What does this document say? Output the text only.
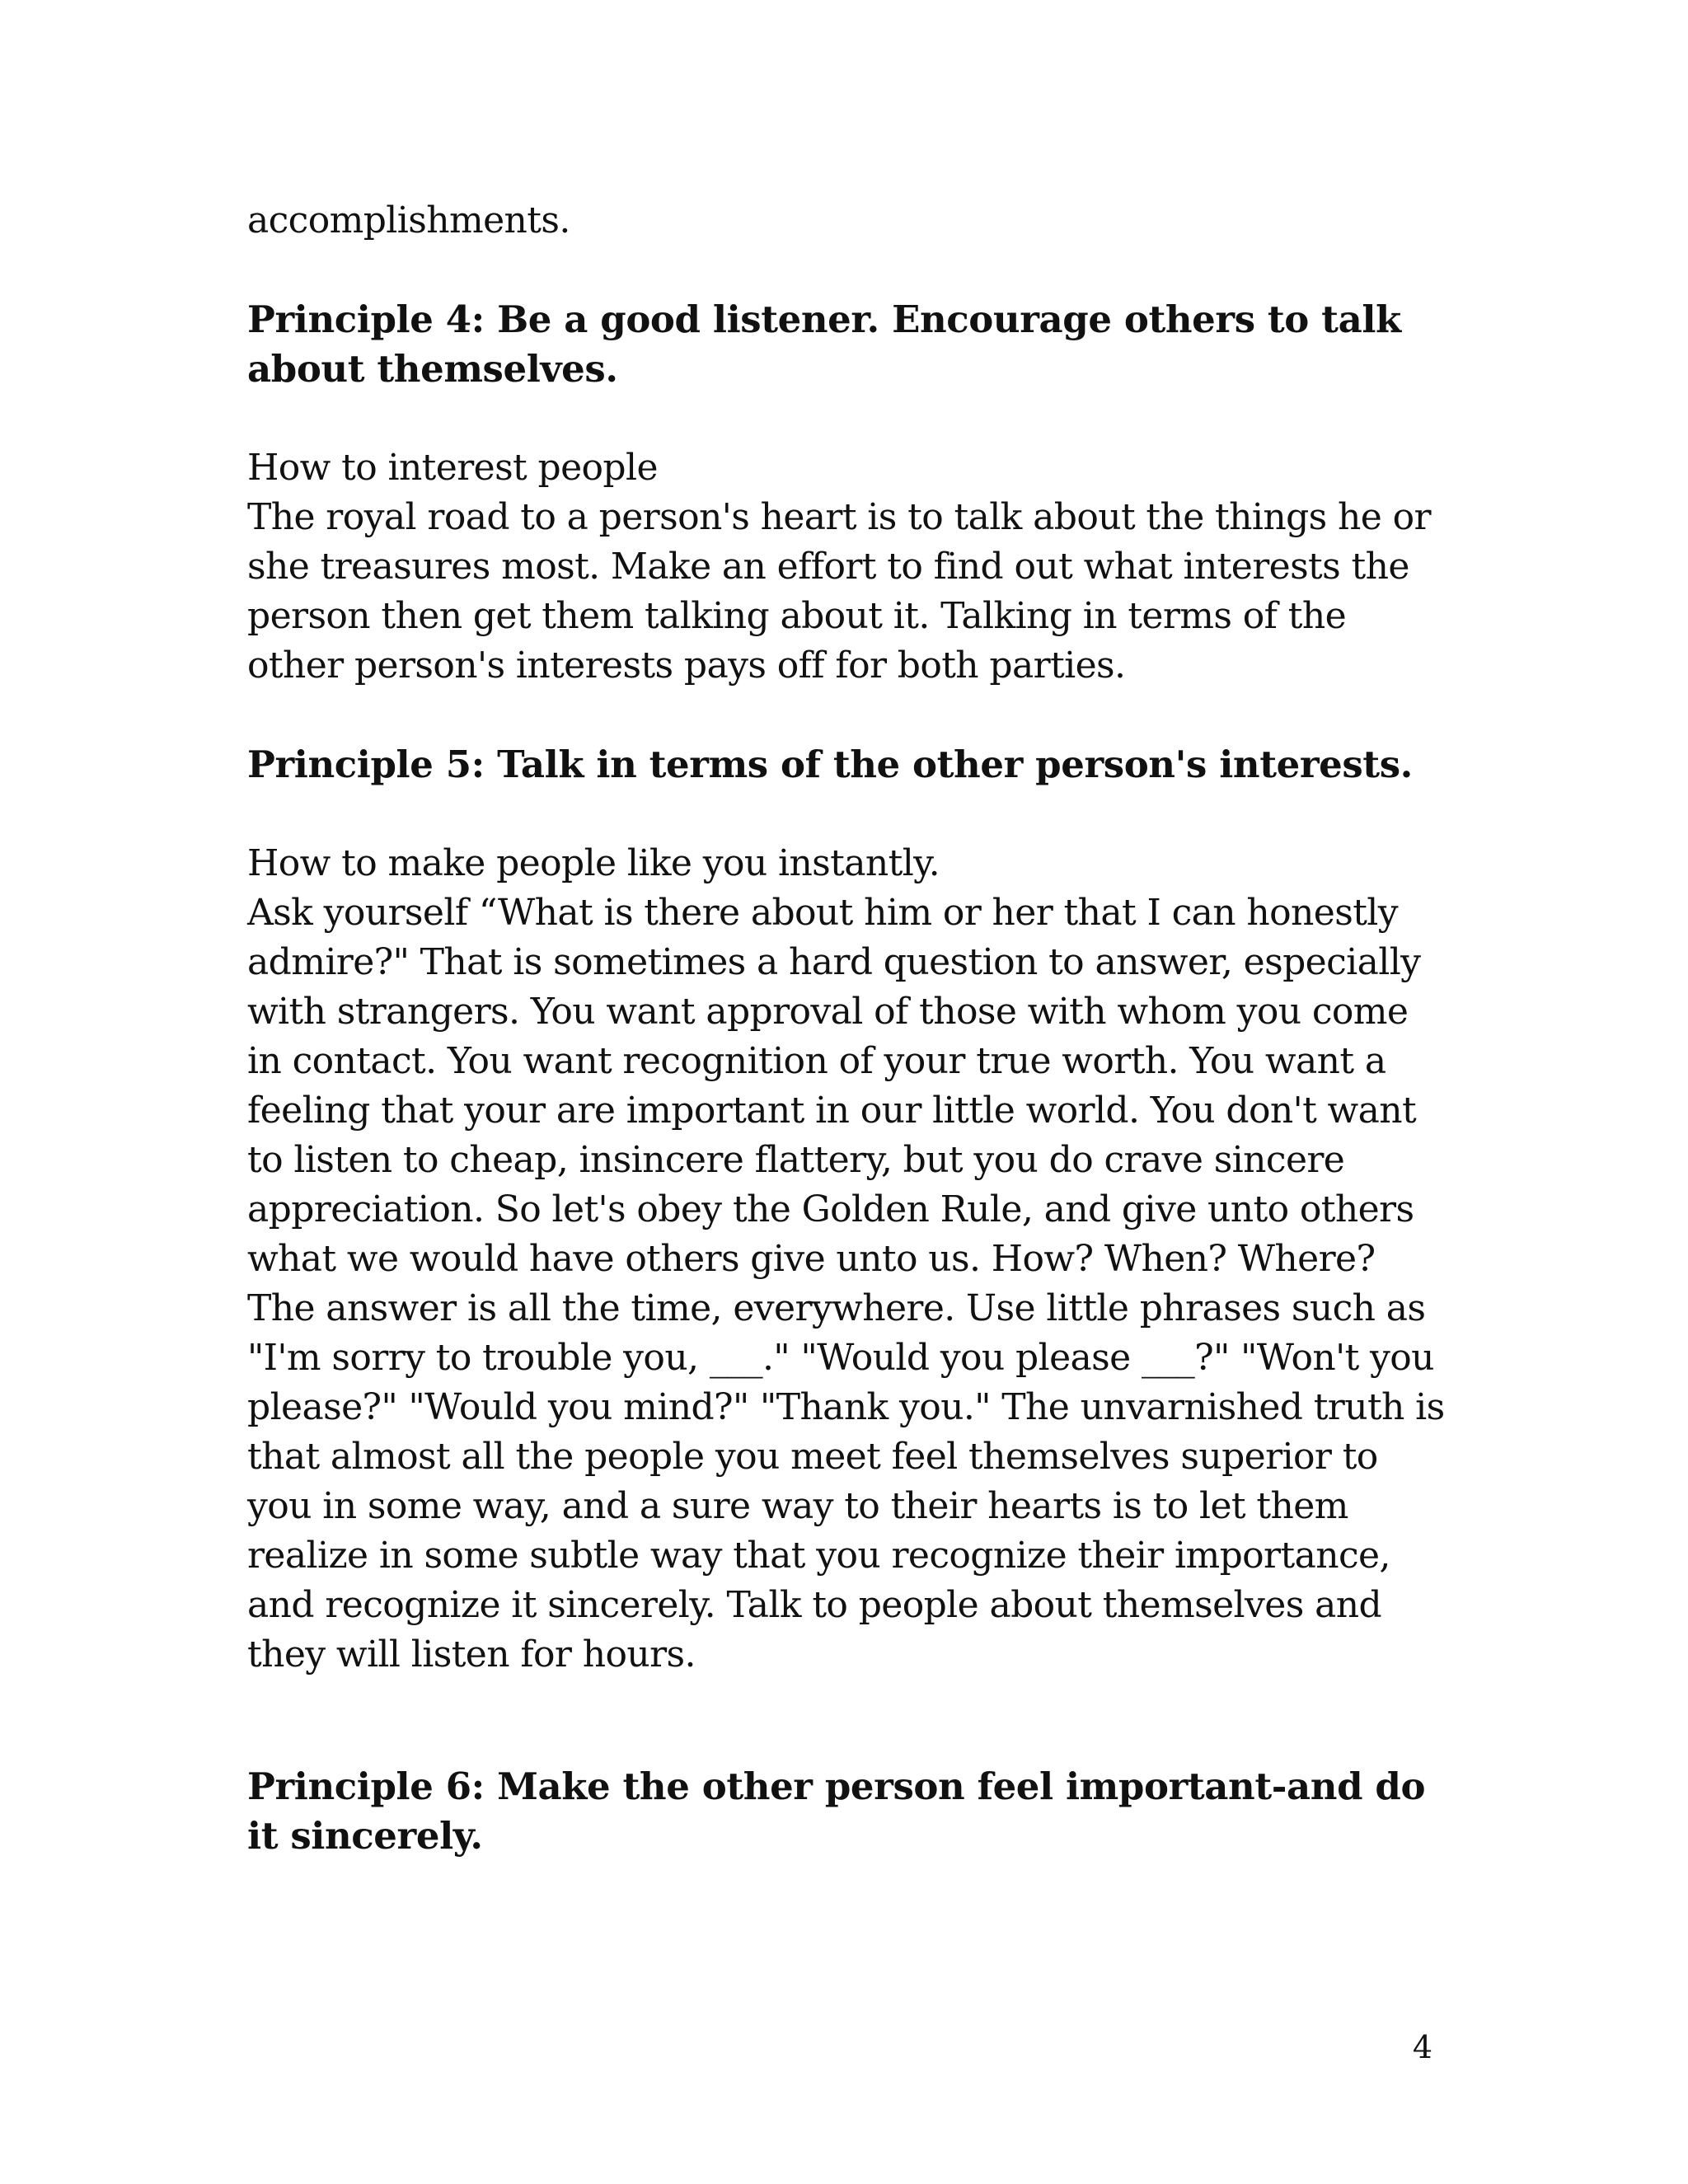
accomplishments.

Principle 4: Be a good listener. Encourage others to talk about themselves.

How to interest people

The royal road to a person's heart is to talk about the things he or she treasures most. Make an effort to find out what interests the person then get them talking about it. Talking in terms of the other person's interests pays off for both parties.

Principle 5: Talk in terms of the other person's interests.

How to make people like you instantly.

Ask yourself “What is there about him or her that I can honestly admire?" That is sometimes a hard question to answer, especially with strangers. You want approval of those with whom you come in contact. You want recognition of your true worth. You want a feeling that your are important in our little world. You don't want to listen to cheap, insincere flattery, but you do crave sincere appreciation. So let's obey the Golden Rule, and give unto others what we would have others give unto us. How? When? Where? The answer is all the time, everywhere. Use little phrases such as "I'm sorry to trouble you, ___." "Would you please ___?" "Won't you please?" "Would you mind?" "Thank you." The unvarnished truth is that almost all the people you meet feel themselves superior to you in some way, and a sure way to their hearts is to let them realize in some subtle way that you recognize their importance, and recognize it sincerely. Talk to people about themselves and they will listen for hours.

Principle 6: Make the other person feel important-and do it sincerely.

4
